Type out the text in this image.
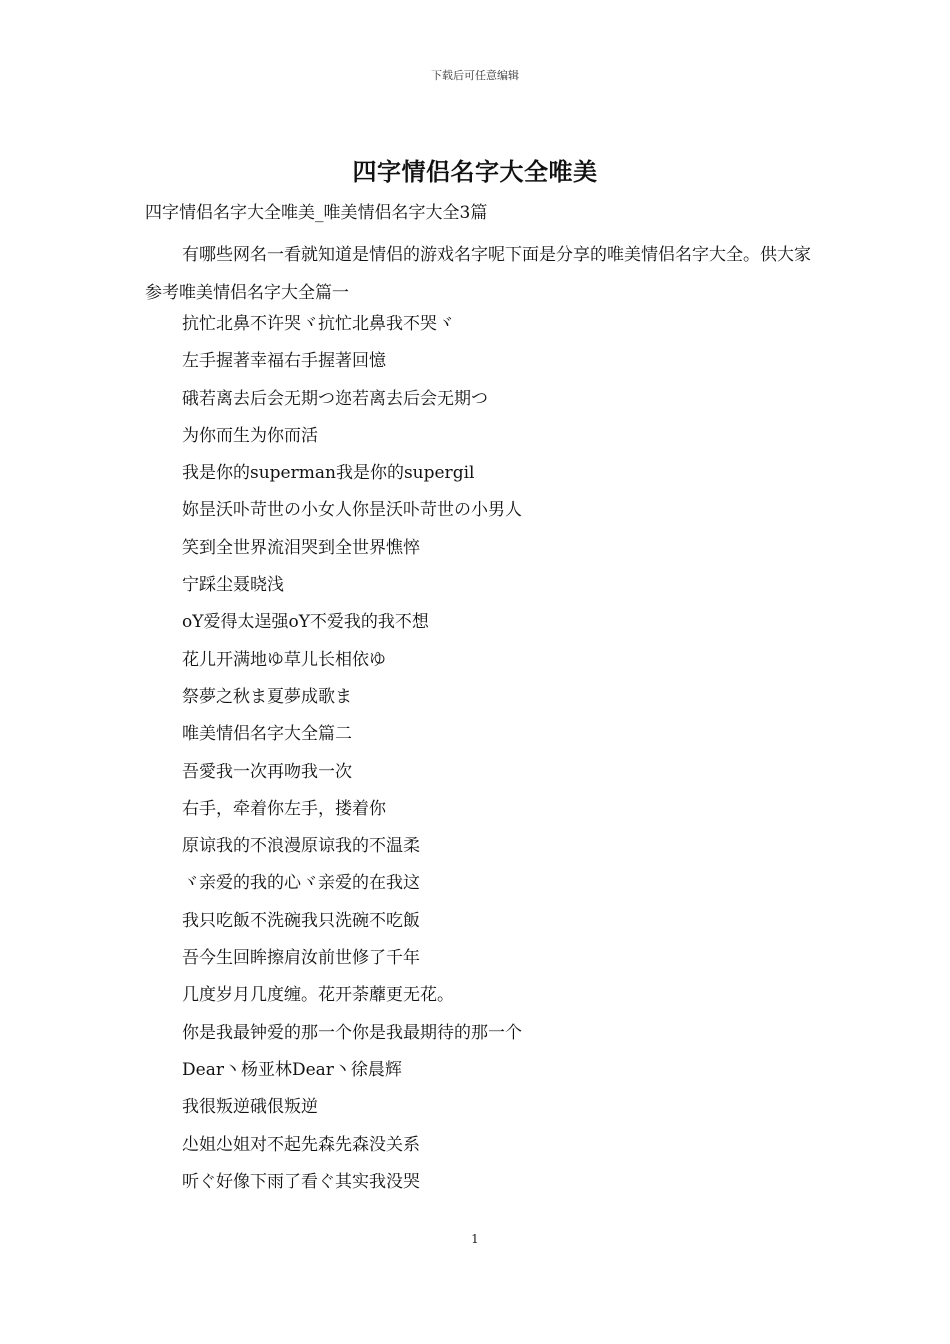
下载后可任意编辑
四字情侣名字大全唯美
四字情侣名字大全唯美_唯美情侣名字大全3篇

有哪些网名一看就知道是情侣的游戏名字呢下面是分享的唯美情侣名字大全。供大家参考唯美情侣名字大全篇一

抗忙北鼻不许哭ヾ抗忙北鼻我不哭ヾ
左手握著幸福右手握著回憶
硪若离去后会无期つ迩若离去后会无期つ
为你而生为你而活
我是你的superman我是你的supergil
妳昰沃卟苛世の小女人你昰沃卟苛世の小男人
笑到全世界流泪哭到全世界憔悴
宁踩尘聂晓浅
oY爱得太逞强oY不爱我的我不想
花儿开满地ゆ草儿长相依ゆ
祭夢之秋ま夏夢成歌ま
唯美情侣名字大全篇二
吾愛我一次再吻我一次
右手，牵着你左手，搂着你
原谅我的不浪漫原谅我的不温柔
ヾ亲爱的我的心ヾ亲爱的在我这
我只吃飯不洗碗我只洗碗不吃飯
吾今生回眸擦肩汝前世修了千年
几度岁月几度缠。花开荼蘼更无花。
你是我最钟爱的那一个你是我最期待的那一个
Dear丶杨亚林Dear丶徐晨辉
我很叛逆硪佷叛逆
尐姐尐姐对不起先森先森没关系
听ぐ好像下雨了看ぐ其实我没哭
1
